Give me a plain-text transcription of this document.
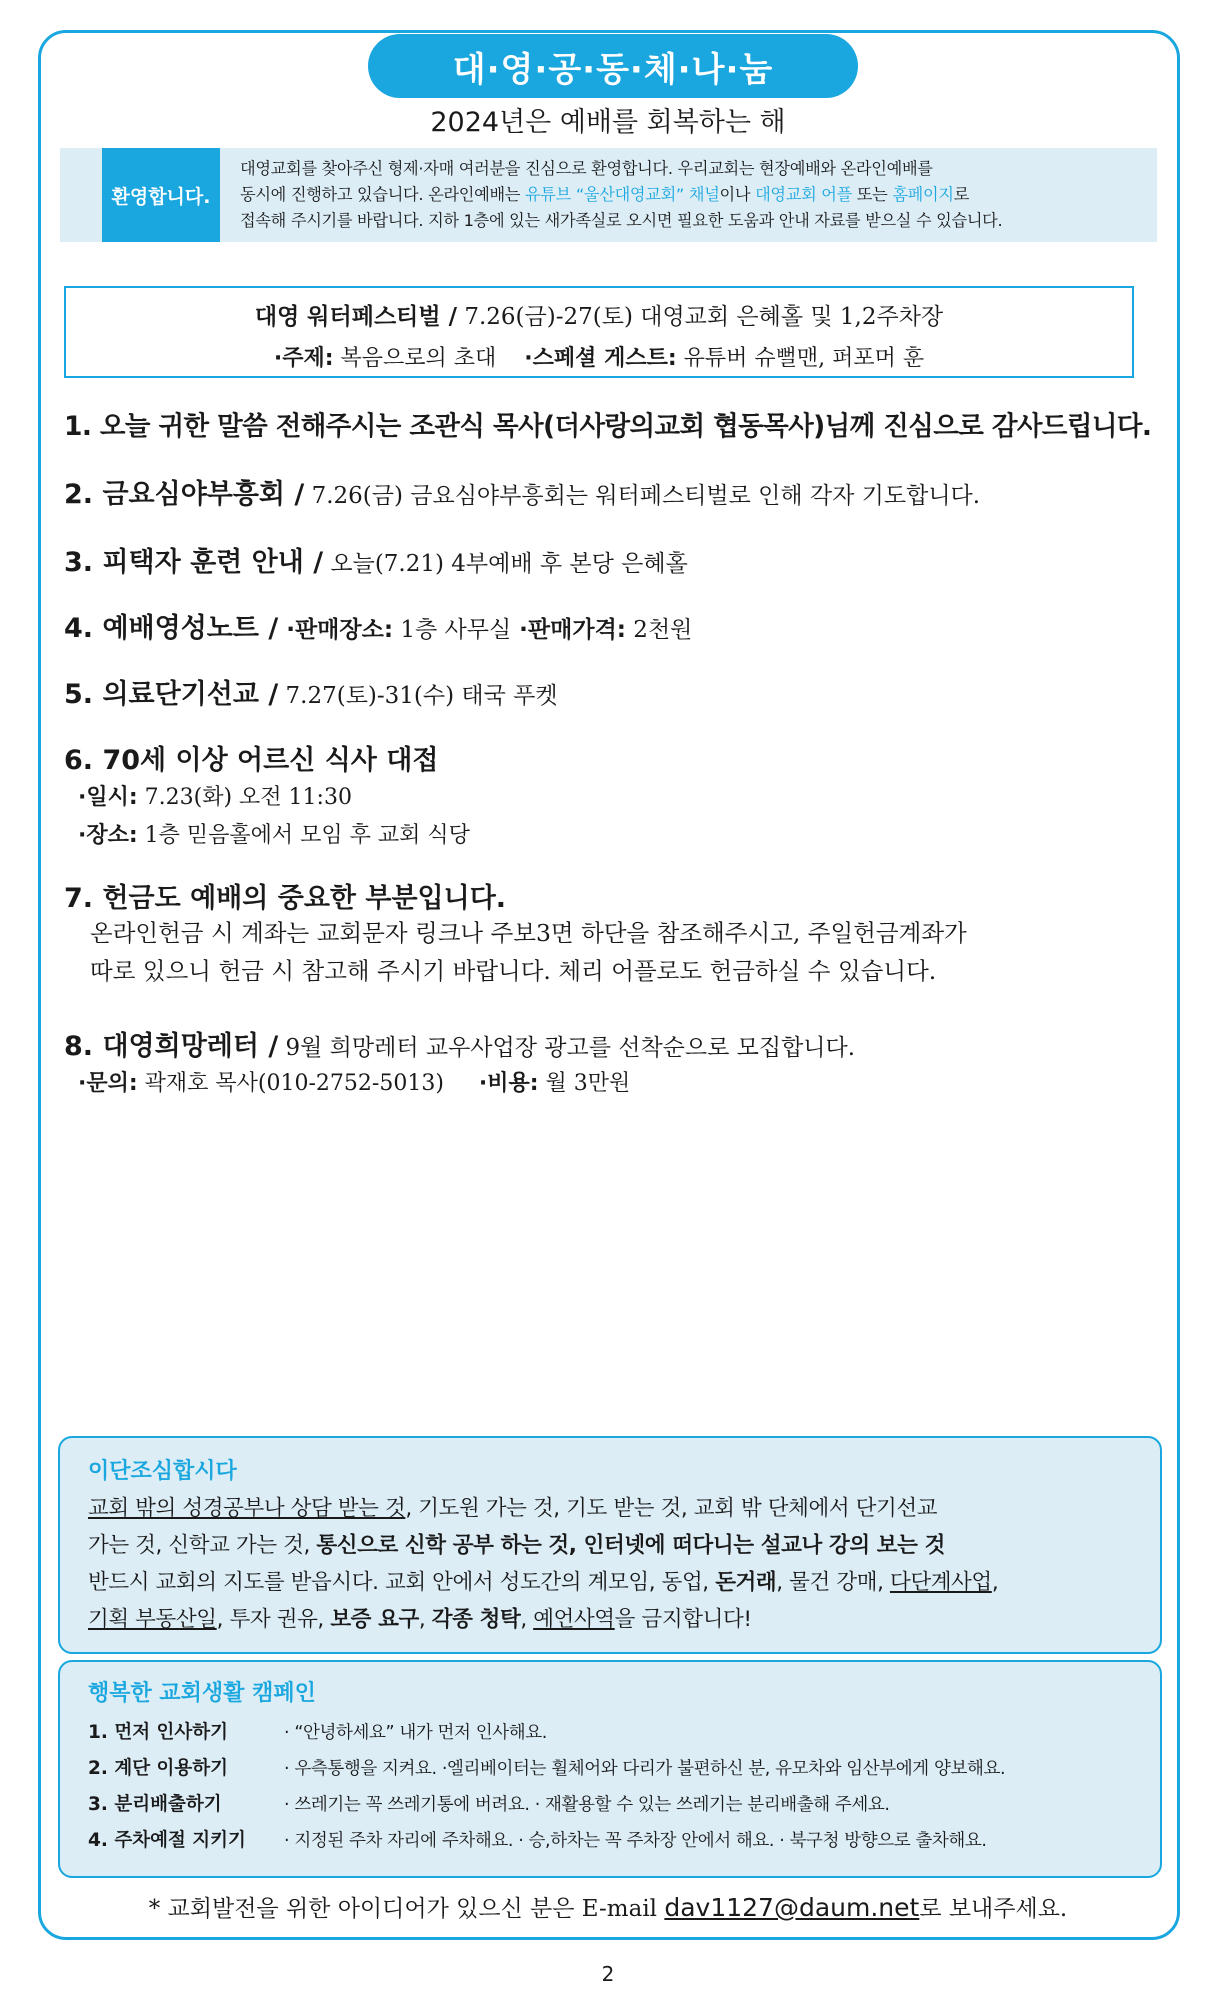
대·영·공·동·체·나·눔
2024년은 예배를 회복하는 해
환영합니다.
대영교회를 찾아주신 형제·자매 여러분을 진심으로 환영합니다. 우리교회는 현장예배와 온라인예배를
동시에 진행하고 있습니다. 온라인예배는 유튜브 “울산대영교회” 채널이나 대영교회 어플 또는 홈페이지로
접속해 주시기를 바랍니다. 지하 1층에 있는 새가족실로 오시면 필요한 도움과 안내 자료를 받으실 수 있습니다.
대영 워터페스티벌 / 7.26(금)-27(토) 대영교회 은혜홀 및 1,2주차장
·주제: 복음으로의 초대 ·스페셜 게스트: 유튜버 슈뻘맨, 퍼포머 훈
1. 오늘 귀한 말씀 전해주시는 조관식 목사(더사랑의교회 협동목사)님께 진심으로 감사드립니다.
2. 금요심야부흥회 / 7.26(금) 금요심야부흥회는 워터페스티벌로 인해 각자 기도합니다.
3. 피택자 훈련 안내 / 오늘(7.21) 4부예배 후 본당 은혜홀
4. 예배영성노트 / ·판매장소: 1층 사무실 ·판매가격: 2천원
5. 의료단기선교 / 7.27(토)-31(수) 태국 푸켓
6. 70세 이상 어르신 식사 대접
·일시: 7.23(화) 오전 11:30
·장소: 1층 믿음홀에서 모임 후 교회 식당
7. 헌금도 예배의 중요한 부분입니다.
온라인헌금 시 계좌는 교회문자 링크나 주보3면 하단을 참조해주시고, 주일헌금계좌가
따로 있으니 헌금 시 참고해 주시기 바랍니다. 체리 어플로도 헌금하실 수 있습니다.
8. 대영희망레터 / 9월 희망레터 교우사업장 광고를 선착순으로 모집합니다.
·문의: 곽재호 목사(010-2752-5013) ·비용: 월 3만원
이단조심합시다
교회 밖의 성경공부나 상담 받는 것, 기도원 가는 것, 기도 받는 것, 교회 밖 단체에서 단기선교
가는 것, 신학교 가는 것, 통신으로 신학 공부 하는 것, 인터넷에 떠다니는 설교나 강의 보는 것
반드시 교회의 지도를 받읍시다. 교회 안에서 성도간의 계모임, 동업, 돈거래, 물건 강매, 다단계사업,
기획 부동산일, 투자 권유, 보증 요구, 각종 청탁, 예언사역을 금지합니다!
행복한 교회생활 캠페인
1. 먼저 인사하기	· “안녕하세요” 내가 먼저 인사해요.
2. 계단 이용하기	· 우측통행을 지켜요. ·엘리베이터는 휠체어와 다리가 불편하신 분, 유모차와 임산부에게 양보해요.
3. 분리배출하기	· 쓰레기는 꼭 쓰레기통에 버려요. · 재활용할 수 있는 쓰레기는 분리배출해 주세요.
4. 주차예절 지키기 · 지정된 주차 자리에 주차해요. · 승,하차는 꼭 주차장 안에서 해요. · 북구청 방향으로 출차해요.
* 교회발전을 위한 아이디어가 있으신 분은 E-mail dav1127@daum.net로 보내주세요.
2
